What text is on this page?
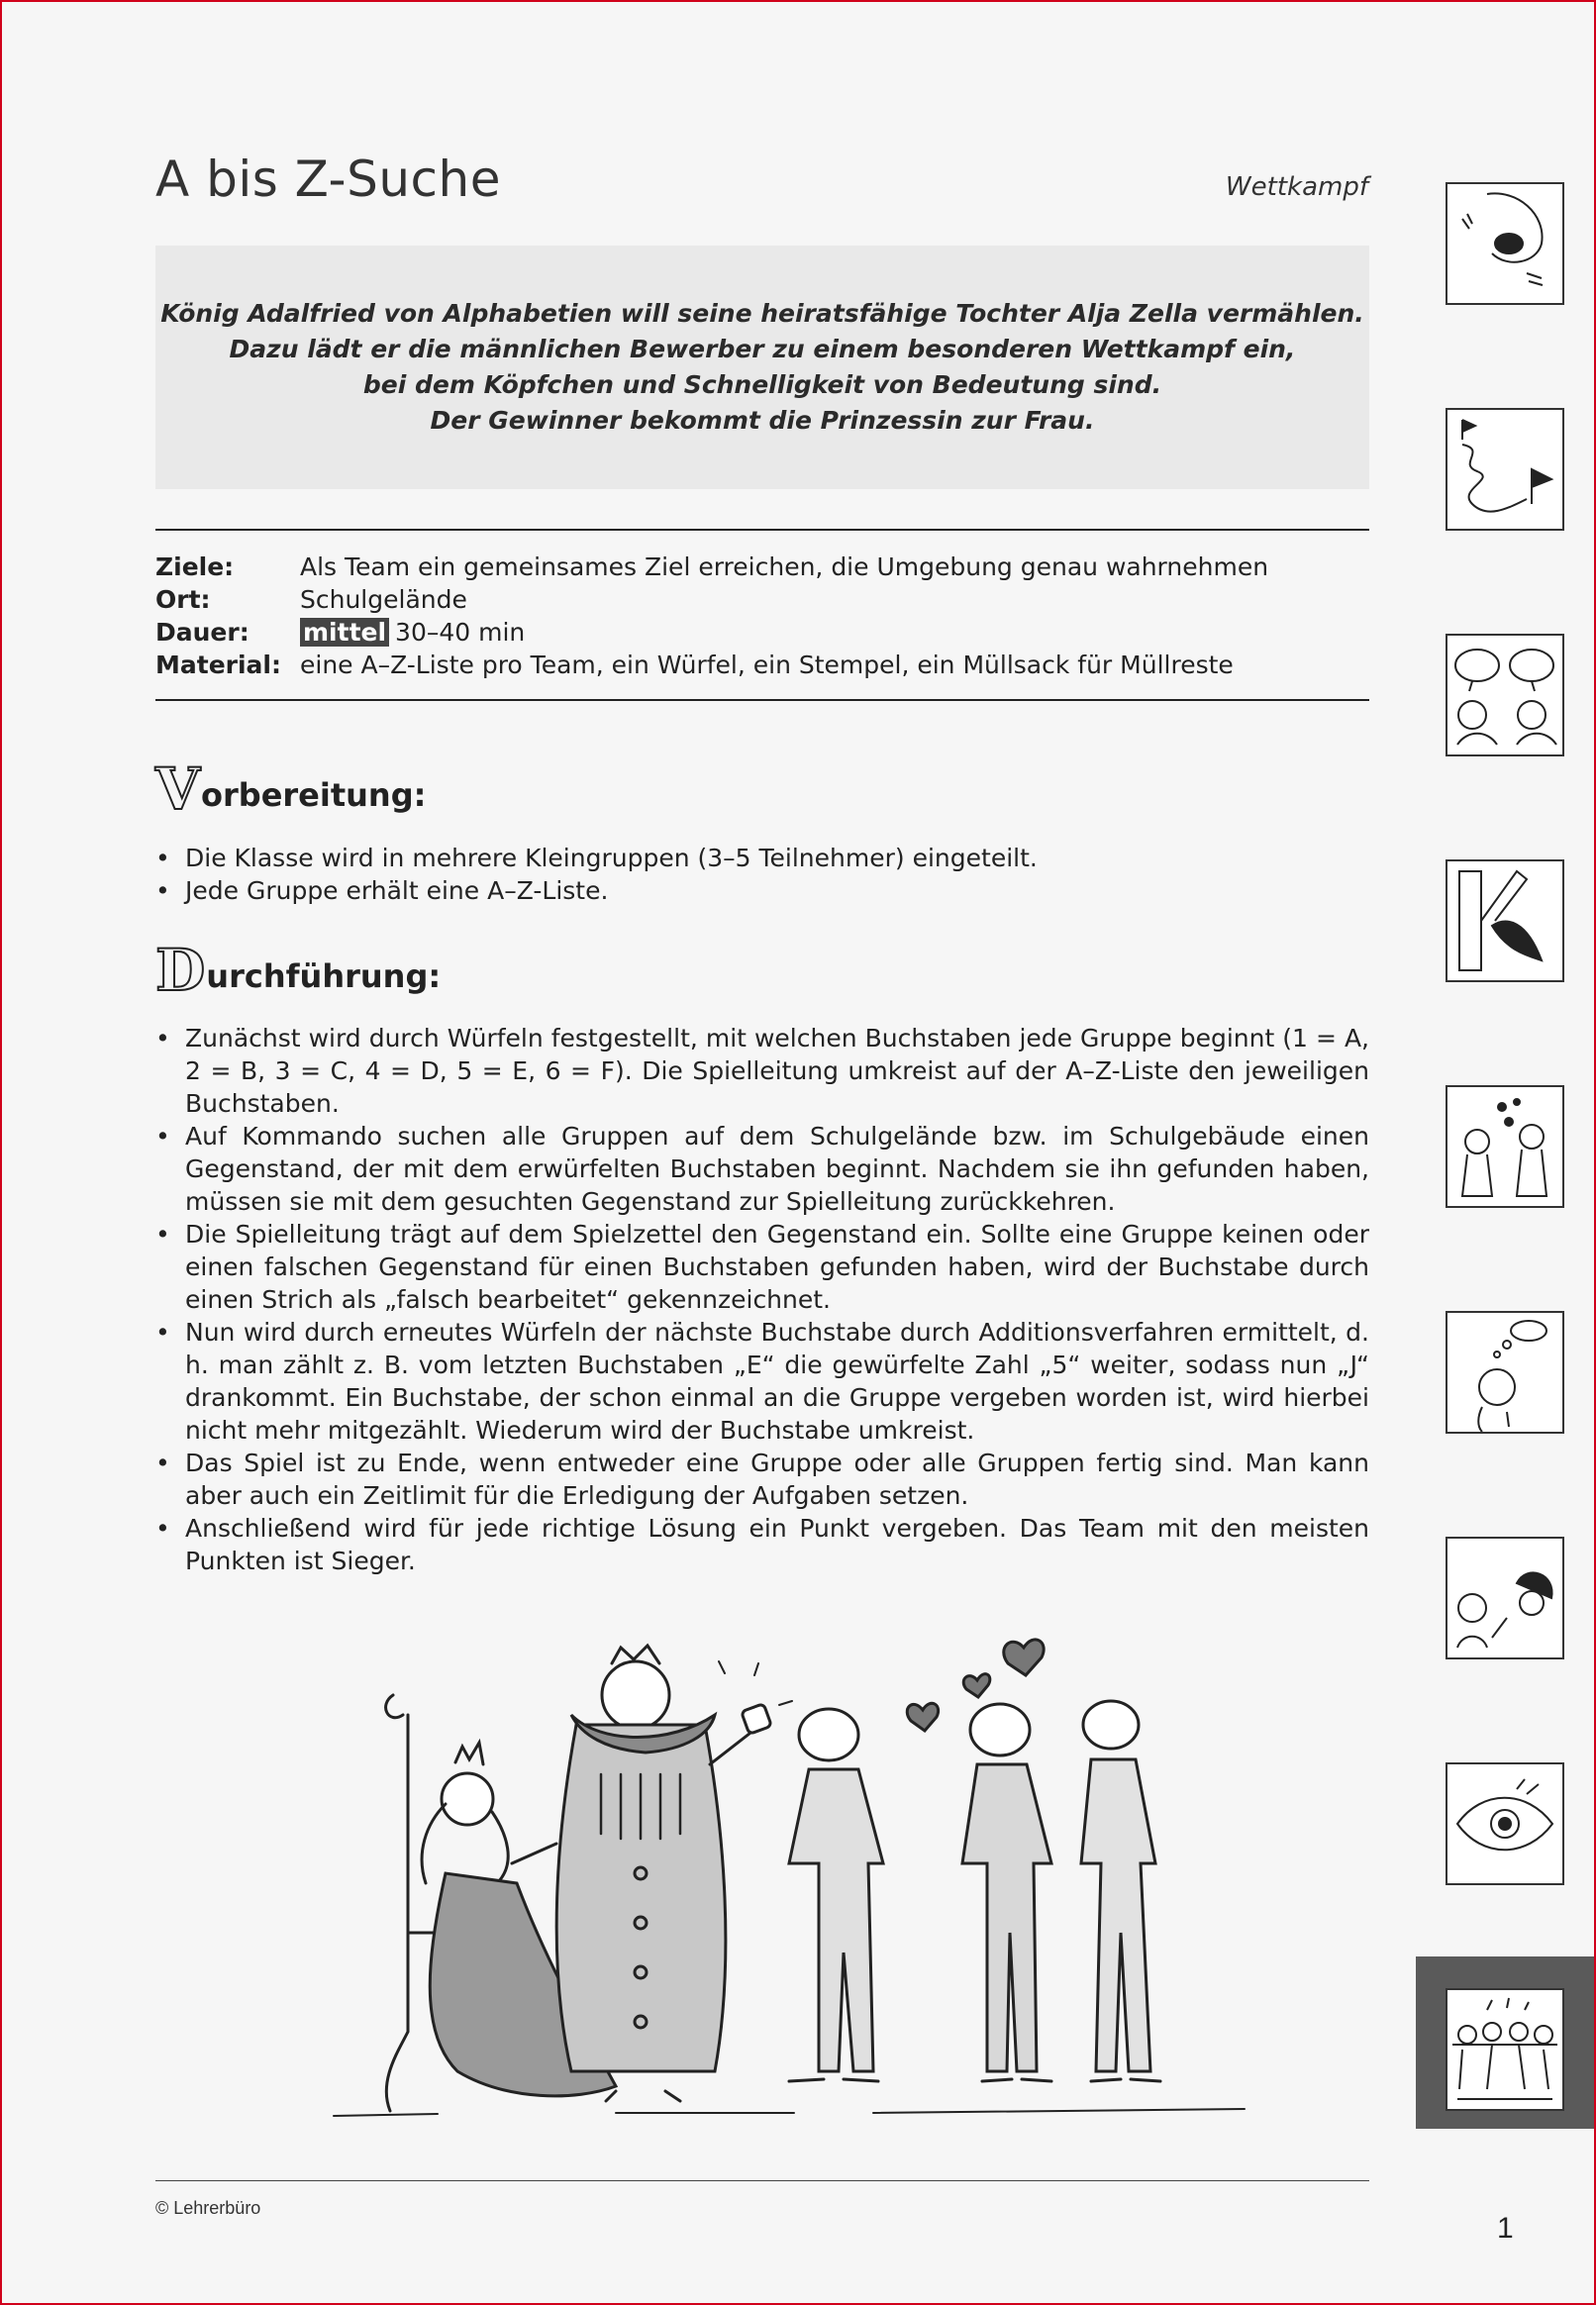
A bis Z-Suche	Wettkampf

König Adalfried von Alphabetien will seine heiratsfähige Tochter Alja Zella vermählen.

Dazu lädt er die männlichen Bewerber zu einem besonderen Wettkampf ein,

bei dem Köpfchen und Schnelligkeit von Bedeutung sind.

Der Gewinner bekommt die Prinzessin zur Frau.

Ziele:	Als Team ein gemeinsames Ziel erreichen, die Umgebung genau wahrnehmen
Ort:	Schulgelände
Dauer:	mittel 30–40 min
Material: eine A–Z-Liste pro Team, ein Würfel, ein Stempel, ein Müllsack für Müllreste
V orbereitung:
• Die Klasse wird in mehrere Kleingruppen (3–5 Teilnehmer) eingeteilt.
• Jede Gruppe erhält eine A–Z-Liste.
D urchführung:
• Zunächst wird durch Würfeln festgestellt, mit welchen Buchstaben jede Gruppe beginnt (1 = A, 2 = B, 3 = C, 4 = D, 5 = E, 6 = F). Die Spielleitung umkreist auf der A–Z-Liste den jeweiligen Buchstaben.
• Auf Kommando suchen alle Gruppen auf dem Schulgelände bzw. im Schulgebäude einen Gegenstand, der mit dem erwürfelten Buchstaben beginnt. Nachdem sie ihn gefunden haben, müssen sie mit dem gesuchten Gegenstand zur Spielleitung zurückkehren.
• Die Spielleitung trägt auf dem Spielzettel den Gegenstand ein. Sollte eine Gruppe keinen oder einen falschen Gegenstand für einen Buchstaben gefunden haben, wird der Buchstabe durch einen Strich als „falsch bearbeitet“ gekennzeichnet.
• Nun wird durch erneutes Würfeln der nächste Buchstabe durch Additionsverfahren ermittelt, d. h. man zählt z. B. vom letzten Buchstaben „E“ die gewürfelte Zahl „5“ weiter, sodass nun „J“ drankommt. Ein Buchstabe, der schon einmal an die Gruppe vergeben worden ist, wird hierbei nicht mehr mitgezählt. Wiederum wird der Buchstabe umkreist.
• Das Spiel ist zu Ende, wenn entweder eine Gruppe oder alle Gruppen fertig sind. Man kann aber auch ein Zeitlimit für die Erledigung der Aufgaben setzen.
• Anschließend wird für jede richtige Lösung ein Punkt vergeben. Das Team mit den meisten Punkten ist Sieger.
© Lehrerbüro
1
